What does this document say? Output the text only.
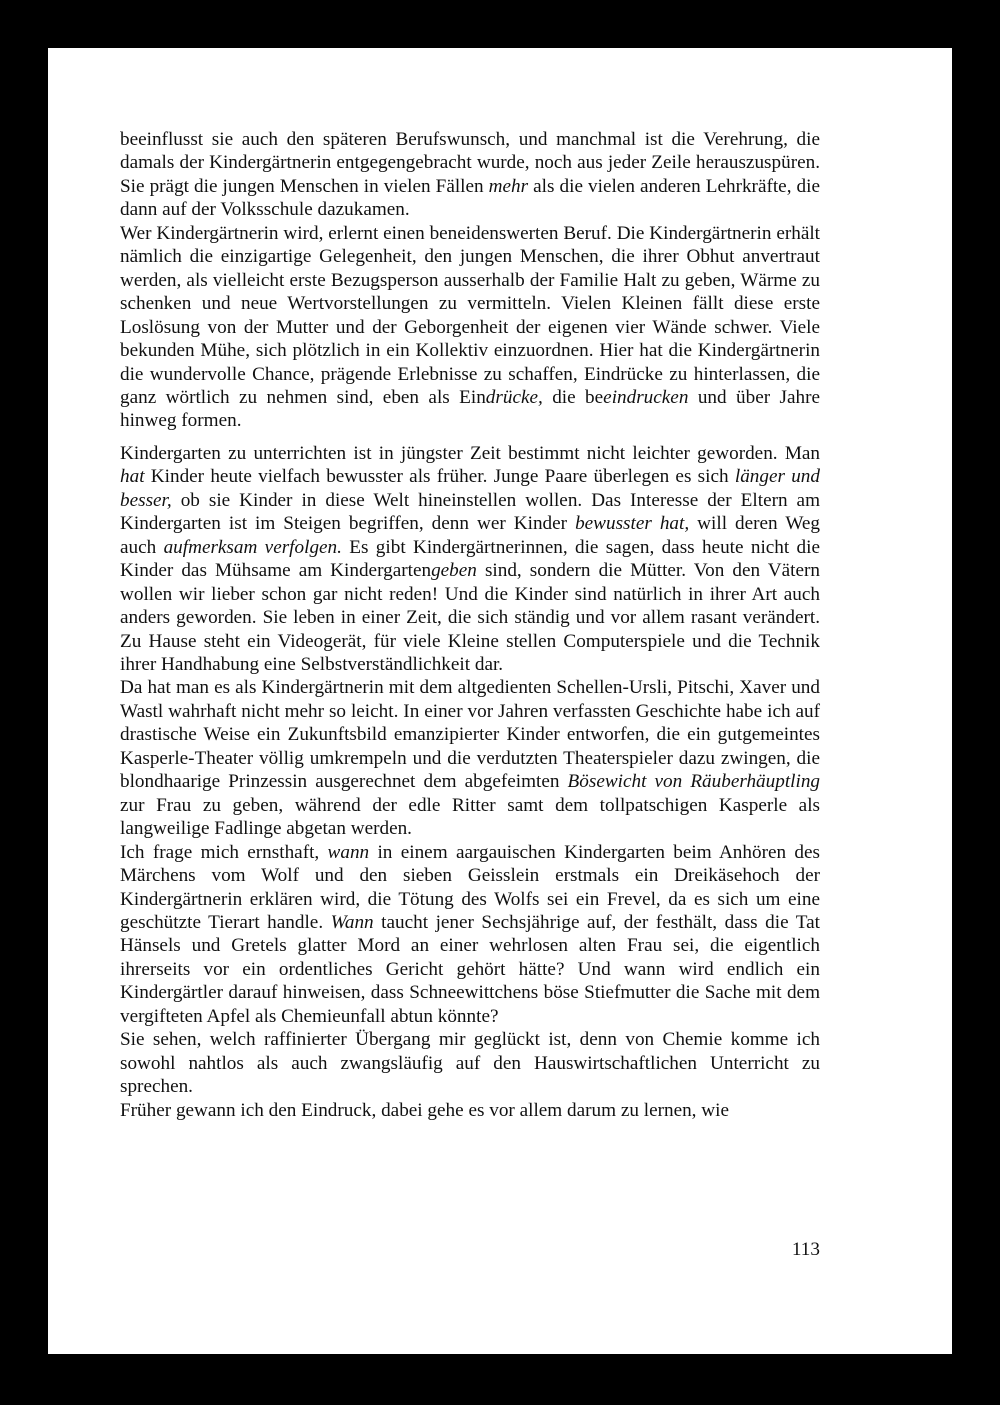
beeinflusst sie auch den späteren Berufswunsch, und manchmal ist die Verehrung, die damals der Kindergärtnerin entgegengebracht wurde, noch aus jeder Zeile herauszuspüren. Sie prägt die jungen Menschen in vielen Fällen mehr als die vielen anderen Lehrkräfte, die dann auf der Volksschule dazukamen.

Wer Kindergärtnerin wird, erlernt einen beneidenswerten Beruf. Die Kindergärtnerin erhält nämlich die einzigartige Gelegenheit, den jungen Menschen, die ihrer Obhut anvertraut werden, als vielleicht erste Bezugsperson ausserhalb der Familie Halt zu geben, Wärme zu schenken und neue Wertvorstellungen zu vermitteln. Vielen Kleinen fällt diese erste Loslösung von der Mutter und der Geborgenheit der eigenen vier Wände schwer. Viele bekunden Mühe, sich plötzlich in ein Kollektiv einzuordnen. Hier hat die Kindergärtnerin die wundervolle Chance, prägende Erlebnisse zu schaffen, Eindrücke zu hinterlassen, die ganz wörtlich zu nehmen sind, eben als Eindrücke, die beeindrucken und über Jahre hinweg formen.

Kindergarten zu unterrichten ist in jüngster Zeit bestimmt nicht leichter geworden. Man hat Kinder heute vielfach bewusster als früher. Junge Paare überlegen es sich länger und besser, ob sie Kinder in diese Welt hineinstellen wollen. Das Interesse der Eltern am Kindergarten ist im Steigen begriffen, denn wer Kinder bewusster hat, will deren Weg auch aufmerksam verfolgen. Es gibt Kindergärtnerinnen, die sagen, dass heute nicht die Kinder das Mühsame am Kindergartengeben sind, sondern die Mütter. Von den Vätern wollen wir lieber schon gar nicht reden! Und die Kinder sind natürlich in ihrer Art auch anders geworden. Sie leben in einer Zeit, die sich ständig und vor allem rasant verändert. Zu Hause steht ein Videogerät, für viele Kleine stellen Computerspiele und die Technik ihrer Handhabung eine Selbstverständlichkeit dar.

Da hat man es als Kindergärtnerin mit dem altgedienten Schellen-Ursli, Pitschi, Xaver und Wastl wahrhaft nicht mehr so leicht. In einer vor Jahren verfassten Geschichte habe ich auf drastische Weise ein Zukunftsbild emanzipierter Kinder entworfen, die ein gutgemeintes Kasperle-Theater völlig umkrempeln und die verdutzten Theaterspieler dazu zwingen, die blondhaarige Prinzessin ausgerechnet dem abgefeimten Bösewicht von Räuberhäuptling zur Frau zu geben, während der edle Ritter samt dem tollpatschigen Kasperle als langweilige Fadlinge abgetan werden.

Ich frage mich ernsthaft, wann in einem aargauischen Kindergarten beim Anhören des Märchens vom Wolf und den sieben Geisslein erstmals ein Dreikäsehoch der Kindergärtnerin erklären wird, die Tötung des Wolfs sei ein Frevel, da es sich um eine geschützte Tierart handle. Wann taucht jener Sechsjährige auf, der festhält, dass die Tat Hänsels und Gretels glatter Mord an einer wehrlosen alten Frau sei, die eigentlich ihrerseits vor ein ordentliches Gericht gehört hätte? Und wann wird endlich ein Kindergärtler darauf hinweisen, dass Schneewittchens böse Stiefmutter die Sache mit dem vergifteten Apfel als Chemieunfall abtun könnte?

Sie sehen, welch raffinierter Übergang mir geglückt ist, denn von Chemie komme ich sowohl nahtlos als auch zwangsläufig auf den Hauswirtschaftlichen Unterricht zu sprechen.

Früher gewann ich den Eindruck, dabei gehe es vor allem darum zu lernen, wie

113
